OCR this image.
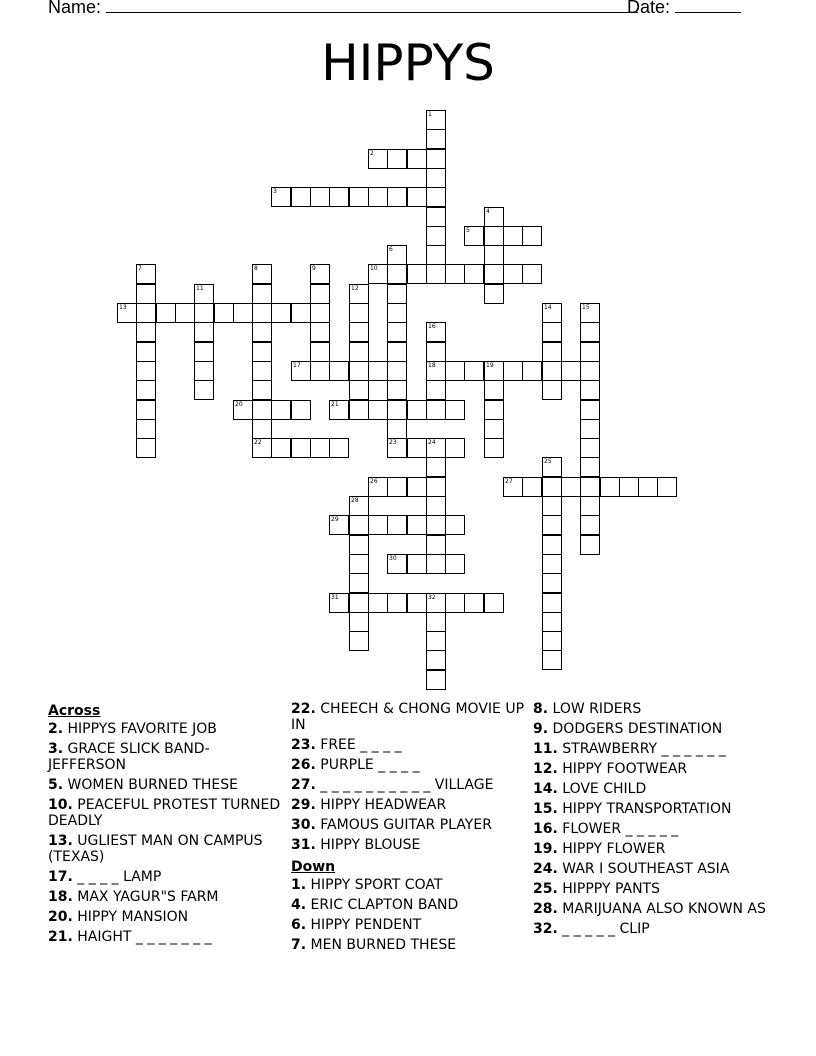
Name:	Date:
HIPPYS
1
2
3
4
5
6
23
7	8
22
9	10
11	12
13	14	15
16
18
17	19
20	21
24
25
26	27
28
29
30
31	32
Across
2. HIPPYS FAVORITE JOB
3. GRACE SLICK BAND-JEFFERSON
5. WOMEN BURNED THESE
10. PEACEFUL PROTEST TURNED DEADLY
13. UGLIEST MAN ON CAMPUS (TEXAS)
17. _ _ _ _ LAMP
18. MAX YAGUR"S FARM
20. HIPPY MANSION
21. HAIGHT _ _ _ _ _ _ _
22. CHEECH & CHONG MOVIE UP IN
23. FREE _ _ _ _
26. PURPLE _ _ _ _
27. _ _ _ _ _ _ _ _ _ _ VILLAGE
29. HIPPY HEADWEAR
30. FAMOUS GUITAR PLAYER
31. HIPPY BLOUSE
Down
1. HIPPY SPORT COAT
4. ERIC CLAPTON BAND
6. HIPPY PENDENT
7. MEN BURNED THESE
8. LOW RIDERS
9. DODGERS DESTINATION
11. STRAWBERRY _ _ _ _ _ _
12. HIPPY FOOTWEAR
14. LOVE CHILD
15. HIPPY TRANSPORTATION
16. FLOWER _ _ _ _ _
19. HIPPY FLOWER
24. WAR I SOUTHEAST ASIA
25. HIPPPY PANTS
28. MARIJUANA ALSO KNOWN AS
32. _ _ _ _ _ CLIP
